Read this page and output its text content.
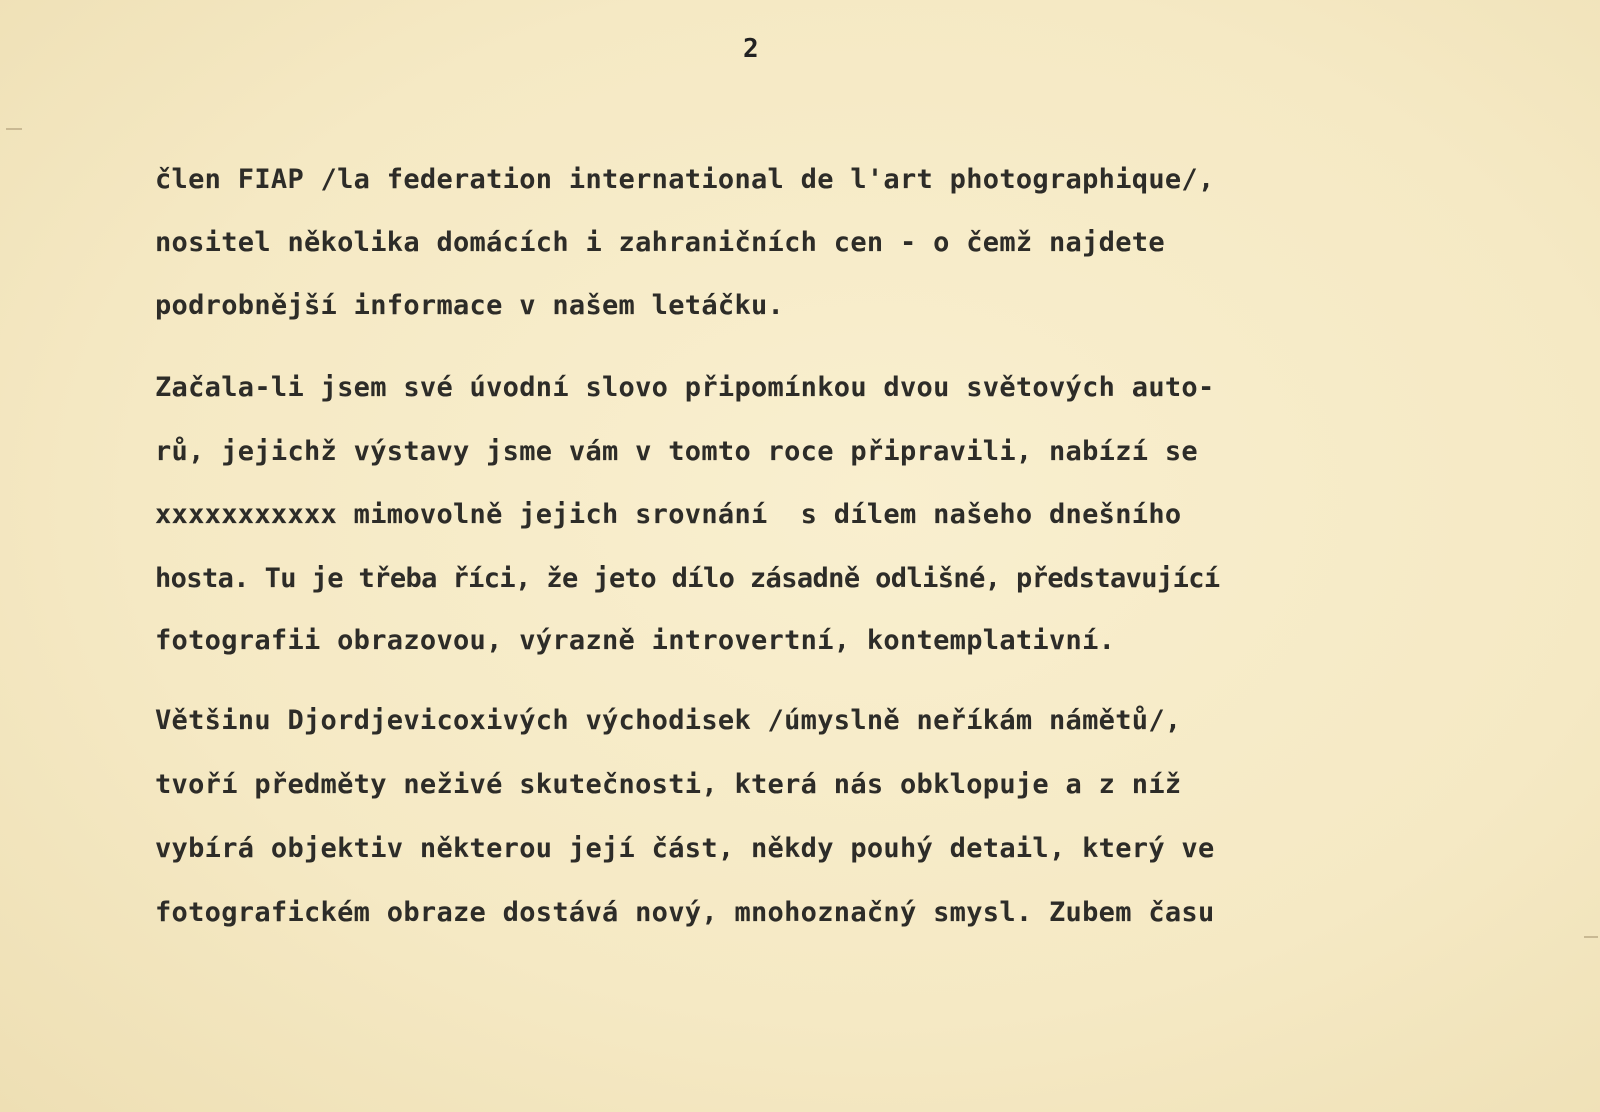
2
člen FIAP /la federation international de l'art photographique/,
nositel několika domácích i zahraničních cen - o čemž najdete
podrobnější informace v našem letáčku.
Začala-li jsem své úvodní slovo připomínkou dvou světových auto-
rů, jejichž výstavy jsme vám v tomto roce připravili, nabízí se
xxxxxxxxxxx mimovolně jejich srovnání  s dílem našeho dnešního
hosta. Tu je třeba říci, že jeto dílo zásadně odlišné, představující
fotografii obrazovou, výrazně introvertní, kontemplativní.
Většinu Djordjevicoxivých východisek /úmyslně neříkám námětů/,
tvoří předměty neživé skutečnosti, která nás obklopuje a z níž
vybírá objektiv některou její část, někdy pouhý detail, který ve
fotografickém obraze dostává nový, mnohoznačný smysl. Zubem času
